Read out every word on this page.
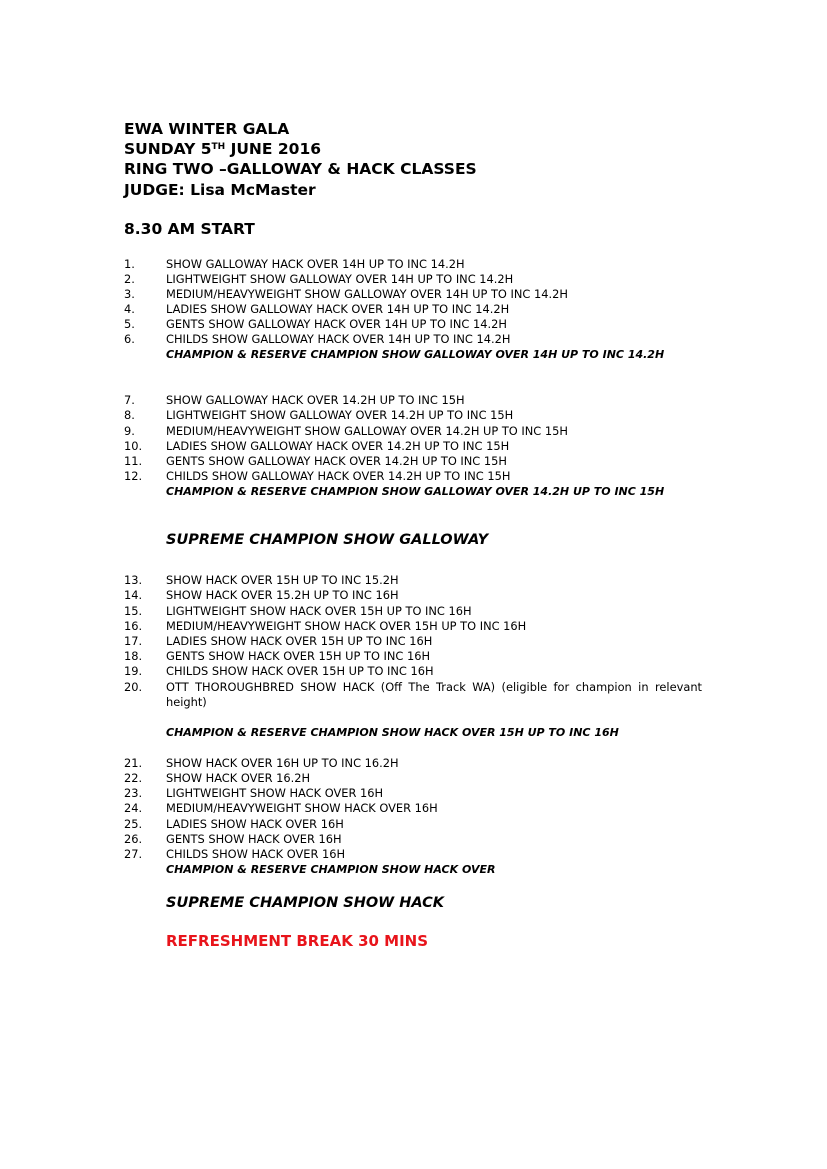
EWA WINTER GALA
SUNDAY 5TH JUNE 2016
RING TWO –GALLOWAY & HACK CLASSES
JUDGE: Lisa McMaster
8.30 AM START
1.	SHOW GALLOWAY HACK OVER 14H UP TO INC 14.2H
2.	LIGHTWEIGHT SHOW GALLOWAY OVER 14H UP TO INC 14.2H
3.	MEDIUM/HEAVYWEIGHT SHOW GALLOWAY OVER 14H UP TO INC 14.2H
4.	LADIES SHOW GALLOWAY HACK OVER 14H UP TO INC 14.2H
5.	GENTS SHOW GALLOWAY HACK OVER 14H UP TO INC 14.2H
6.	CHILDS SHOW GALLOWAY HACK OVER 14H UP TO INC 14.2H
CHAMPION & RESERVE CHAMPION SHOW GALLOWAY OVER 14H UP TO INC 14.2H
7.	SHOW GALLOWAY HACK OVER 14.2H UP TO INC 15H
8.	LIGHTWEIGHT SHOW GALLOWAY OVER 14.2H UP TO INC 15H
9.	MEDIUM/HEAVYWEIGHT SHOW GALLOWAY OVER 14.2H UP TO INC 15H
10.	LADIES SHOW GALLOWAY HACK OVER 14.2H UP TO INC 15H
11.	GENTS SHOW GALLOWAY HACK OVER 14.2H UP TO INC 15H
12.	CHILDS SHOW GALLOWAY HACK OVER 14.2H UP TO INC 15H
CHAMPION & RESERVE CHAMPION SHOW GALLOWAY OVER 14.2H UP TO INC 15H
SUPREME CHAMPION SHOW GALLOWAY
13.	SHOW HACK OVER 15H UP TO INC 15.2H
14.	SHOW HACK OVER 15.2H UP TO INC 16H
15.	LIGHTWEIGHT SHOW HACK OVER 15H UP TO INC 16H
16.	MEDIUM/HEAVYWEIGHT SHOW HACK OVER 15H UP TO INC 16H
17.	LADIES SHOW HACK OVER 15H UP TO INC 16H
18.	GENTS SHOW HACK OVER 15H UP TO INC 16H
19.	CHILDS SHOW HACK OVER 15H UP TO INC 16H
20.	OTT THOROUGHBRED SHOW HACK (Off The Track WA) (eligible for champion in relevant height)
CHAMPION & RESERVE CHAMPION SHOW HACK OVER 15H UP TO INC 16H
21.	SHOW HACK OVER 16H UP TO INC 16.2H
22.	SHOW HACK OVER 16.2H
23.	LIGHTWEIGHT SHOW HACK OVER 16H
24.	MEDIUM/HEAVYWEIGHT SHOW HACK OVER 16H
25.	LADIES SHOW HACK OVER 16H
26.	GENTS SHOW HACK OVER 16H
27.	CHILDS SHOW HACK OVER 16H
CHAMPION & RESERVE CHAMPION SHOW HACK OVER
SUPREME CHAMPION SHOW HACK
REFRESHMENT BREAK 30 MINS
